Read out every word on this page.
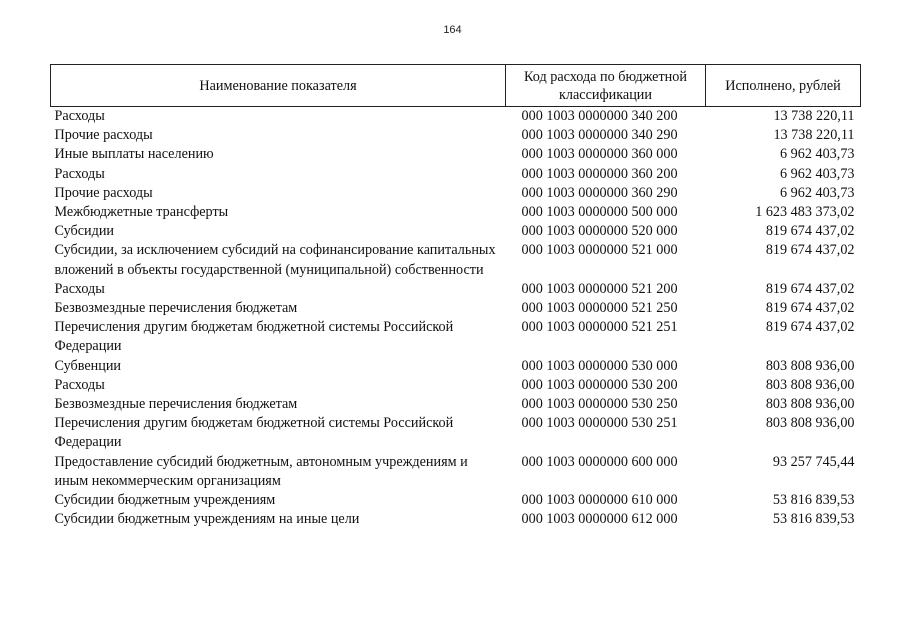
164
Наименование показателя	Код расхода по бюджетной классификации	Исполнено, рублей
Расходы	000 1003 0000000 340 200	13 738 220,11
Прочие расходы	000 1003 0000000 340 290	13 738 220,11
Иные выплаты населению	000 1003 0000000 360 000	6 962 403,73
Расходы	000 1003 0000000 360 200	6 962 403,73
Прочие расходы	000 1003 0000000 360 290	6 962 403,73
Межбюджетные трансферты	000 1003 0000000 500 000	1 623 483 373,02
Субсидии	000 1003 0000000 520 000	819 674 437,02
Субсидии, за исключением субсидий на софинансирование капитальных вложений в объекты государственной (муниципальной) собственности	000 1003 0000000 521 000	819 674 437,02
Расходы	000 1003 0000000 521 200	819 674 437,02
Безвозмездные перечисления бюджетам	000 1003 0000000 521 250	819 674 437,02
Перечисления другим бюджетам бюджетной системы Российской Федерации	000 1003 0000000 521 251	819 674 437,02
Субвенции	000 1003 0000000 530 000	803 808 936,00
Расходы	000 1003 0000000 530 200	803 808 936,00
Безвозмездные перечисления бюджетам	000 1003 0000000 530 250	803 808 936,00
Перечисления другим бюджетам бюджетной системы Российской Федерации	000 1003 0000000 530 251	803 808 936,00
Предоставление субсидий бюджетным, автономным учреждениям и иным некоммерческим организациям	000 1003 0000000 600 000	93 257 745,44
Субсидии бюджетным учреждениям	000 1003 0000000 610 000	53 816 839,53
Субсидии бюджетным учреждениям на иные цели	000 1003 0000000 612 000	53 816 839,53
